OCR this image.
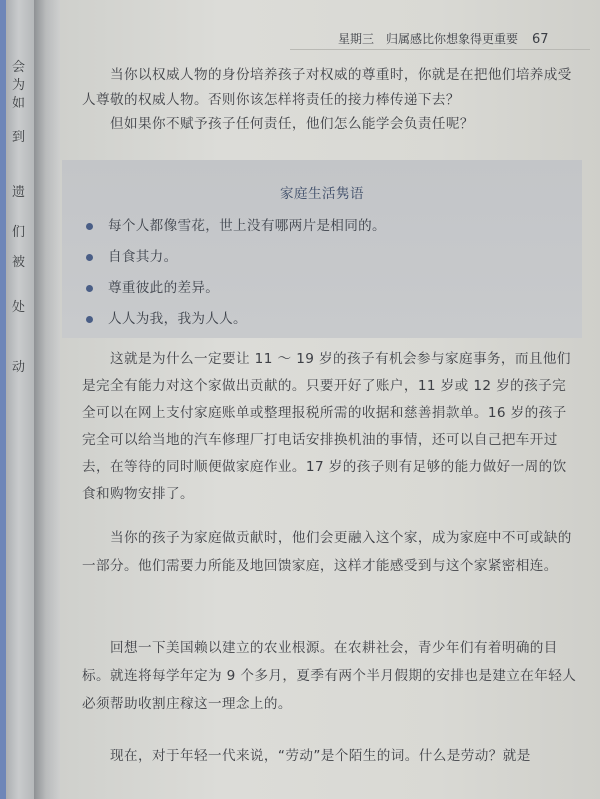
会
为
如
到
遗
们
被
处
动
星期三　归属感比你想象得更重要 67

当你以权威人物的身份培养孩子对权威的尊重时，你就是在把他们培养成受人尊敬的权威人物。否则你该怎样将责任的接力棒传递下去？

但如果你不赋予孩子任何责任，他们怎么能学会负责任呢？

家庭生活隽语
每个人都像雪花，世上没有哪两片是相同的。
自食其力。
尊重彼此的差异。
人人为我，我为人人。

这就是为什么一定要让 11 ～ 19 岁的孩子有机会参与家庭事务，而且他们是完全有能力对这个家做出贡献的。只要开好了账户，11 岁或 12 岁的孩子完全可以在网上支付家庭账单或整理报税所需的收据和慈善捐款单。16 岁的孩子完全可以给当地的汽车修理厂打电话安排换机油的事情，还可以自己把车开过去，在等待的同时顺便做家庭作业。17 岁的孩子则有足够的能力做好一周的饮食和购物安排了。

当你的孩子为家庭做贡献时，他们会更融入这个家，成为家庭中不可或缺的一部分。他们需要力所能及地回馈家庭，这样才能感受到与这个家紧密相连。

回想一下美国赖以建立的农业根源。在农耕社会，青少年们有着明确的目标。就连将每学年定为 9 个多月，夏季有两个半月假期的安排也是建立在年轻人必须帮助收割庄稼这一理念上的。

现在，对于年轻一代来说，“劳动”是个陌生的词。什么是劳动？就是
